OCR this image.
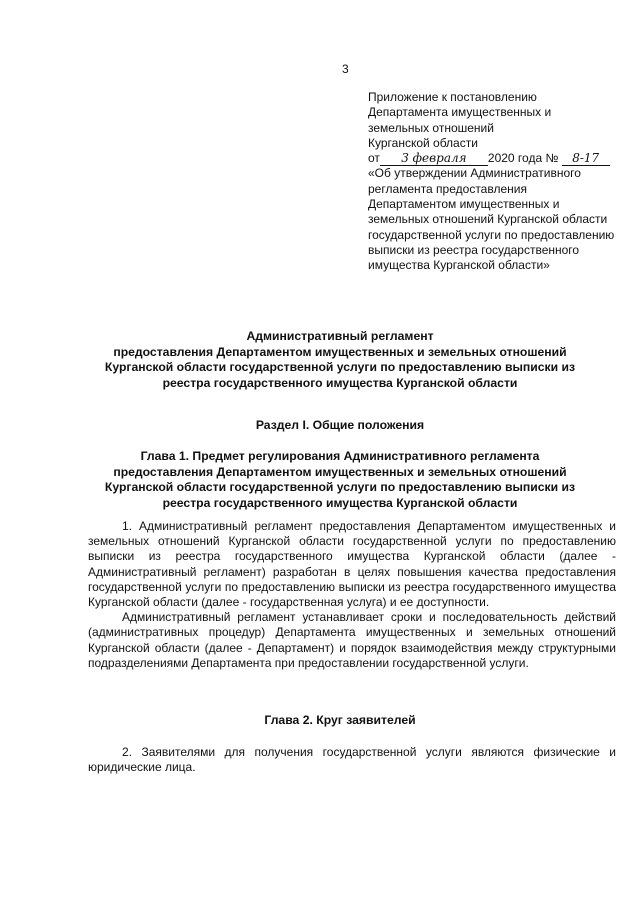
3
Приложение к постановлению
Департамента имущественных и
земельных отношений
Курганской области
от 3 февраля 2020 года № 8-17
«Об утверждении Административного регламента предоставления Департаментом имущественных и земельных отношений Курганской области государственной услуги по предоставлению выписки из реестра государственного имущества Курганской области»
Административный регламент
предоставления Департаментом имущественных и земельных отношений
Курганской области государственной услуги по предоставлению выписки из
реестра государственного имущества Курганской области
Раздел I. Общие положения
Глава 1. Предмет регулирования Административного регламента
предоставления Департаментом имущественных и земельных отношений
Курганской области государственной услуги по предоставлению выписки из
реестра государственного имущества Курганской области

1. Административный регламент предоставления Департаментом имущественных и земельных отношений Курганской области государственной услуги по предоставлению выписки из реестра государственного имущества Курганской области (далее - Административный регламент) разработан в целях повышения качества предоставления государственной услуги по предоставлению выписки из реестра государственного имущества Курганской области (далее - государственная услуга) и ее доступности.

Административный регламент устанавливает сроки и последовательность действий (административных процедур) Департамента имущественных и земельных отношений Курганской области (далее - Департамент) и порядок взаимодействия между структурными подразделениями Департамента при предоставлении государственной услуги.

Глава 2. Круг заявителей

2. Заявителями для получения государственной услуги являются физические и юридические лица.
